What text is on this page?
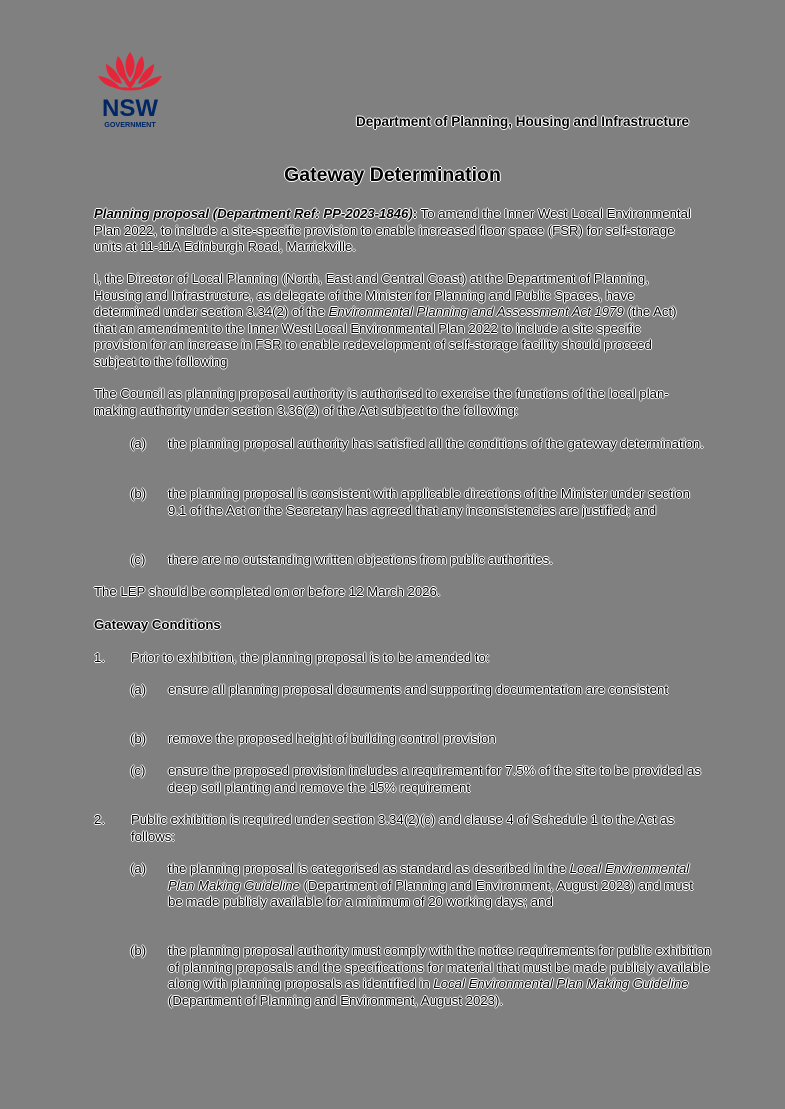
NSW
GOVERNMENT	Department of Planning, Housing and Infrastructure
Gateway Determination
Planning proposal (Department Ref: PP-2023-1846): To amend the Inner West Local Environmental Plan 2022, to include a site-specific provision to enable increased floor space (FSR) for self-storage units at 11-11A Edinburgh Road, Marrickville.
I, the Director of Local Planning (North, East and Central Coast) at the Department of Planning, Housing and Infrastructure, as delegate of the Minister for Planning and Public Spaces, have determined under section 3.34(2) of the Environmental Planning and Assessment Act 1979 (the Act) that an amendment to the Inner West Local Environmental Plan 2022 to include a site specific provision for an increase in FSR to enable redevelopment of self-storage facility should proceed subject to the following
The Council as planning proposal authority is authorised to exercise the functions of the local plan-making authority under section 3.36(2) of the Act subject to the following:
(a) the planning proposal authority has satisfied all the conditions of the gateway determination.
(b) the planning proposal is consistent with applicable directions of the Minister under section 9.1 of the Act or the Secretary has agreed that any inconsistencies are justified; and
(c) there are no outstanding written objections from public authorities.
The LEP should be completed on or before 12 March 2026.
Gateway Conditions
1. Prior to exhibition, the planning proposal is to be amended to:
(a) ensure all planning proposal documents and supporting documentation are consistent
(b) remove the proposed height of building control provision
(c) ensure the proposed provision includes a requirement for 7.5% of the site to be provided as deep soil planting and remove the 15% requirement
2. Public exhibition is required under section 3.34(2)(c) and clause 4 of Schedule 1 to the Act as follows:
(a) the planning proposal is categorised as standard as described in the Local Environmental Plan Making Guideline (Department of Planning and Environment, August 2023) and must be made publicly available for a minimum of 20 working days; and
(b) the planning proposal authority must comply with the notice requirements for public exhibition of planning proposals and the specifications for material that must be made publicly available along with planning proposals as identified in Local Environmental Plan Making Guideline (Department of Planning and Environment, August 2023).
